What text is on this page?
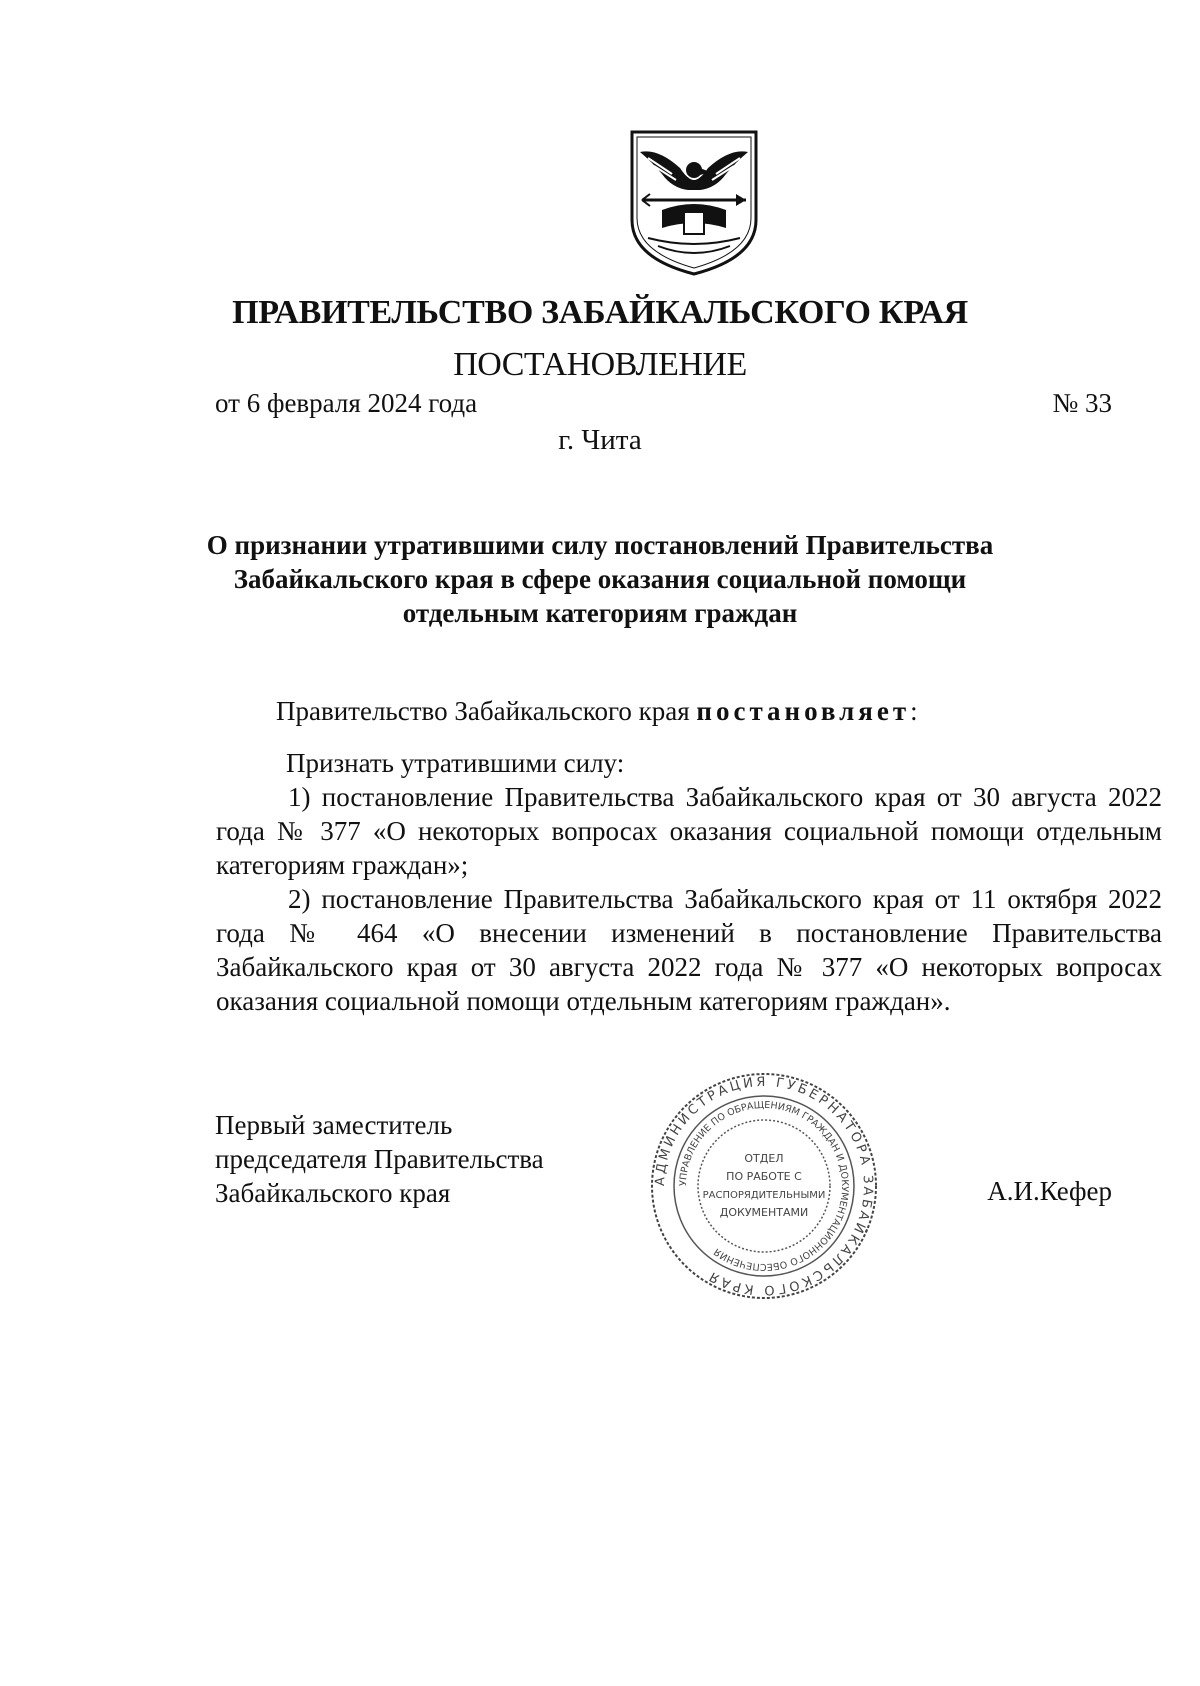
ПРАВИТЕЛЬСТВО ЗАБАЙКАЛЬСКОГО КРАЯ
ПОСТАНОВЛЕНИЕ
от 6 февраля 2024 года	№ 33
г. Чита
О признании утратившими силу постановлений Правительства
Забайкальского края в сфере оказания социальной помощи
отдельным категориям граждан
Правительство Забайкальского края постановляет:
Признать утратившими силу:
1) постановление Правительства Забайкальского края от 30 августа 2022 года № 377 «О некоторых вопросах оказания социальной помощи отдельным категориям граждан»;
2) постановление Правительства Забайкальского края от 11 октября 2022 года № 464 «О внесении изменений в постановление Правительства Забайкальского края от 30 августа 2022 года № 377 «О некоторых вопросах оказания социальной помощи отдельным категориям граждан».
Первый заместитель
председателя Правительства
Забайкальского края	А.И.Кефер
АДМИНИСТРАЦИЯ ГУБЕРНАТОРА ЗАБАЙКАЛЬСКОГО КРАЯ
УПРАВЛЕНИЕ ПО ОБРАЩЕНИЯМ ГРАЖДАН И ДОКУМЕНТАЦИОННОГО ОБЕСПЕЧЕНИЯ
ОТДЕЛ
ПО РАБОТЕ С
РАСПОРЯДИТЕЛЬНЫМИ
ДОКУМЕНТАМИ
